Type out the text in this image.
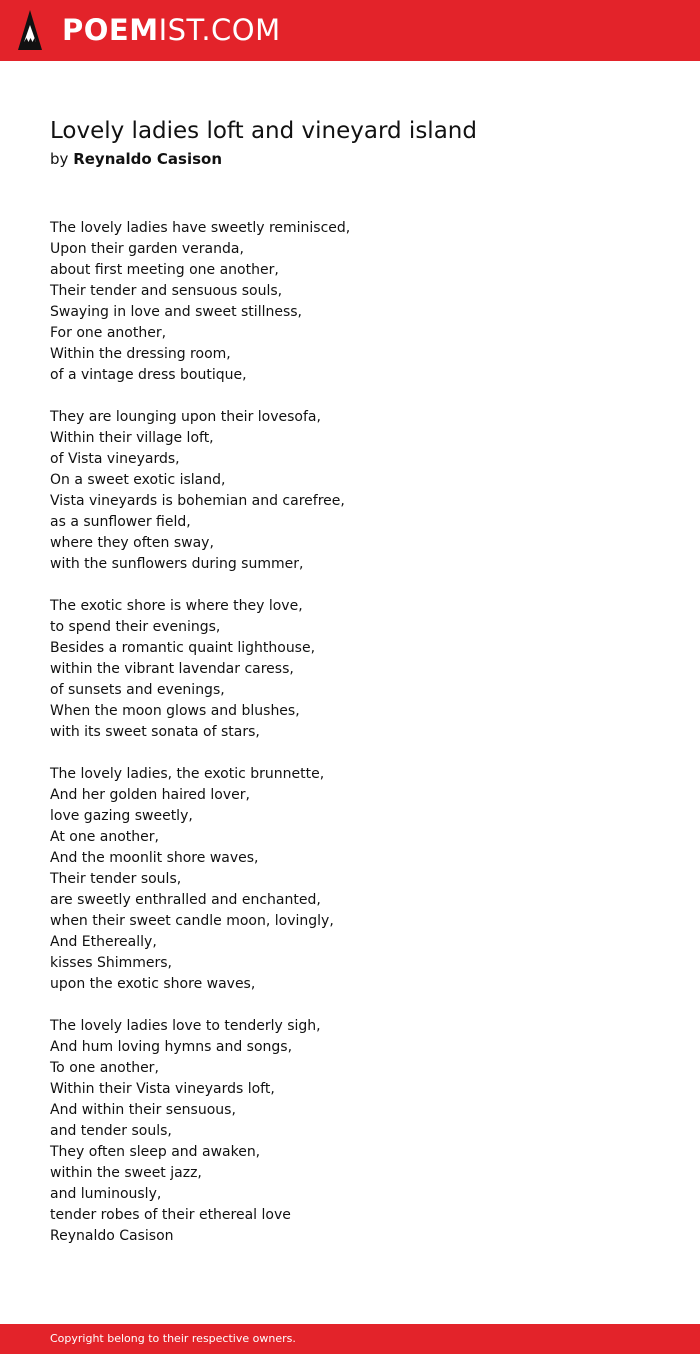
POEMIST.COM
Lovely ladies loft and vineyard island
by Reynaldo Casison
The lovely ladies have sweetly reminisced,
Upon their garden veranda,
about first meeting one another,
Their tender and sensuous souls,
Swaying in love and sweet stillness,
For one another,
Within the dressing room,
of a vintage dress boutique,
They are lounging upon their lovesofa,
Within their village loft,
of Vista vineyards,
On a sweet exotic island,
Vista vineyards is bohemian and carefree,
as a sunflower field,
where they often sway,
with the sunflowers during summer,
The exotic shore is where they love,
to spend their evenings,
Besides a romantic quaint lighthouse,
within the vibrant lavendar caress,
of sunsets and evenings,
When the moon glows and blushes,
with its sweet sonata of stars,
The lovely ladies, the exotic brunnette,
And her golden haired lover,
love gazing sweetly,
At one another,
And the moonlit shore waves,
Their tender souls,
are sweetly enthralled and enchanted,
when their sweet candle moon, lovingly,
And Ethereally,
kisses Shimmers,
upon the exotic shore waves,
The lovely ladies love to tenderly sigh,
And hum loving hymns and songs,
To one another,
Within their Vista vineyards loft,
And within their sensuous,
and tender souls,
They often sleep and awaken,
within the sweet jazz,
and luminously,
tender robes of their ethereal love
Reynaldo Casison
Copyright belong to their respective owners.
